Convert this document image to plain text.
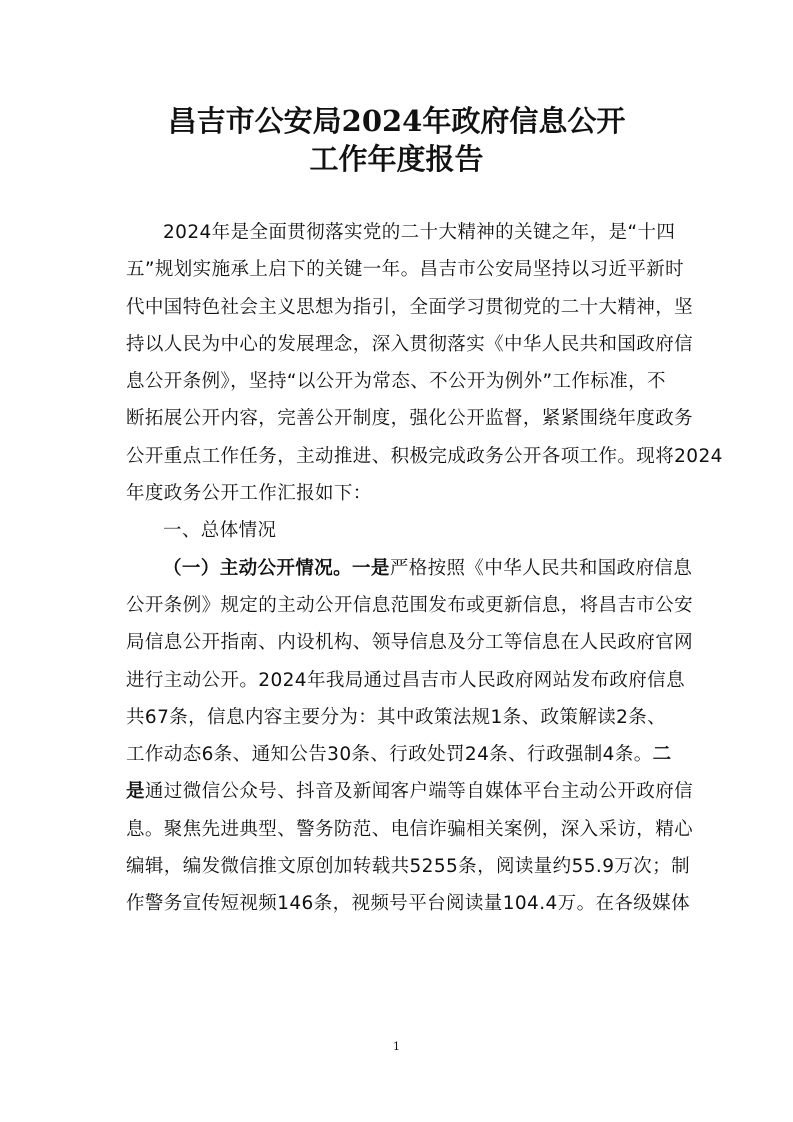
昌吉市公安局2024年政府信息公开
工作年度报告

2024年是全面贯彻落实党的二十大精神的关键之年，是“十四
五”规划实施承上启下的关键一年。昌吉市公安局坚持以习近平新时
代中国特色社会主义思想为指引，全面学习贯彻党的二十大精神，坚
持以人民为中心的发展理念，深入贯彻落实《中华人民共和国政府信
息公开条例》，坚持“以公开为常态、不公开为例外”工作标准，不
断拓展公开内容，完善公开制度，强化公开监督，紧紧围绕年度政务
公开重点工作任务，主动推进、积极完成政务公开各项工作。现将2024
年度政务公开工作汇报如下：

一、总体情况

（一）主动公开情况。一是严格按照《中华人民共和国政府信息
公开条例》规定的主动公开信息范围发布或更新信息，将昌吉市公安
局信息公开指南、内设机构、领导信息及分工等信息在人民政府官网
进行主动公开。2024年我局通过昌吉市人民政府网站发布政府信息
共67条，信息内容主要分为：其中政策法规1条、政策解读2条、
工作动态6条、通知公告30条、行政处罚24条、行政强制4条。二
是通过微信公众号、抖音及新闻客户端等自媒体平台主动公开政府信
息。聚焦先进典型、警务防范、电信诈骗相关案例，深入采访，精心
编辑，编发微信推文原创加转载共5255条，阅读量约55.9万次；制
作警务宣传短视频146条，视频号平台阅读量104.4万。在各级媒体

1
